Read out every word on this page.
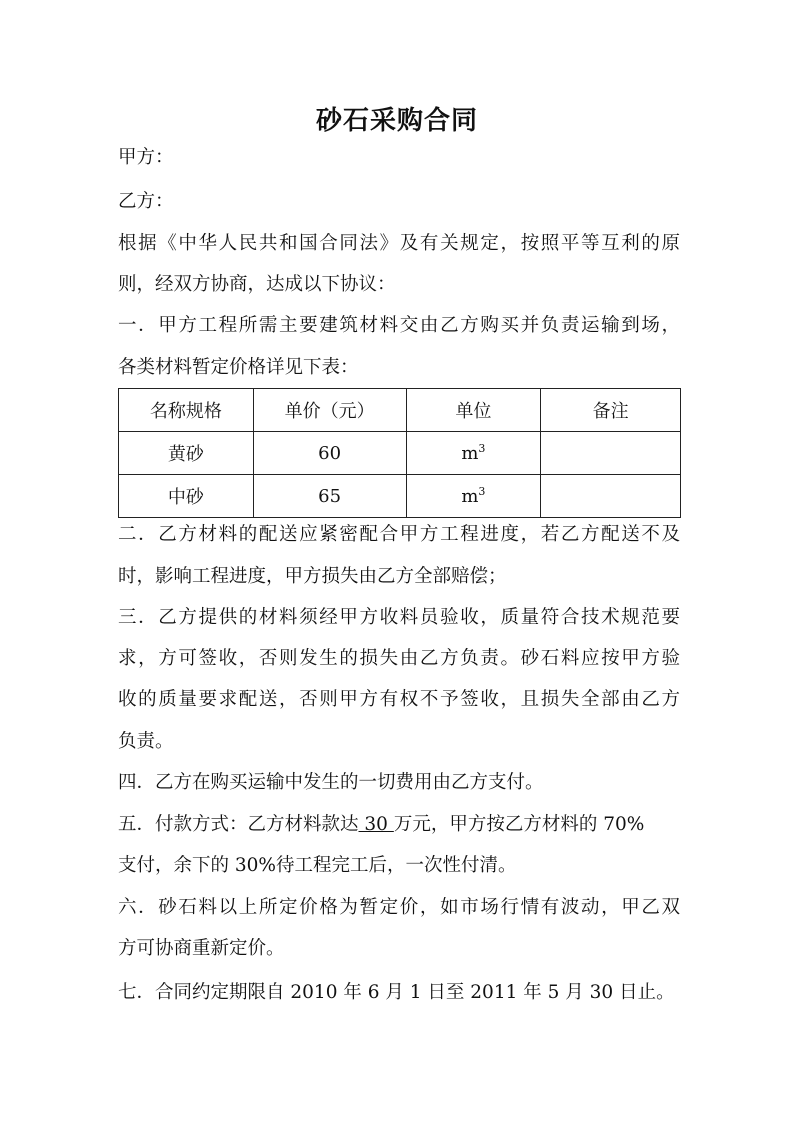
砂石采购合同
甲方：
乙方：
根据《中华人民共和国合同法》及有关规定，按照平等互利的原
则，经双方协商，达成以下协议：
一．甲方工程所需主要建筑材料交由乙方购买并负责运输到场，
各类材料暂定价格详见下表：
名称规格	单价（元）	单位	备注
黄砂	60	$m^3$	
中砂	65	$m^3$	
二．乙方材料的配送应紧密配合甲方工程进度，若乙方配送不及
时，影响工程进度，甲方损失由乙方全部赔偿；
三．乙方提供的材料须经甲方收料员验收，质量符合技术规范要
求，方可签收，否则发生的损失由乙方负责。砂石料应按甲方验
收的质量要求配送，否则甲方有权不予签收，且损失全部由乙方
负责。
四．乙方在购买运输中发生的一切费用由乙方支付。
五．付款方式：乙方材料款达 30 万元，甲方按乙方材料的 70%
支付，余下的 30%待工程完工后，一次性付清。
六．砂石料以上所定价格为暂定价，如市场行情有波动，甲乙双
方可协商重新定价。
七．合同约定期限自 2010 年 6 月 1 日至 2011 年 5 月 30 日止。
